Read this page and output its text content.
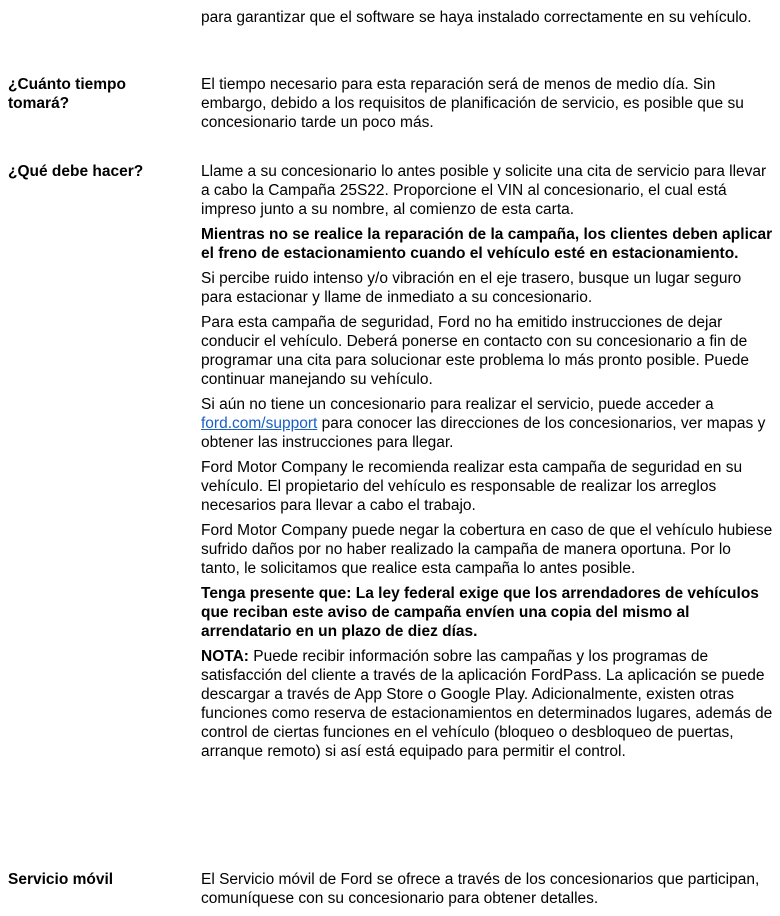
para garantizar que el software se haya instalado correctamente en su vehículo.

¿Cuánto tiempo tomará?

El tiempo necesario para esta reparación será de menos de medio día. Sin embargo, debido a los requisitos de planificación de servicio, es posible que su concesionario tarde un poco más.

¿Qué debe hacer?	Llame a su concesionario lo antes posible y solicite una cita de servicio para llevar a cabo la Campaña 25S22. Proporcione el VIN al concesionario, el cual está impreso junto a su nombre, al comienzo de esta carta.

Mientras no se realice la reparación de la campaña, los clientes deben aplicar el freno de estacionamiento cuando el vehículo esté en estacionamiento.

Si percibe ruido intenso y/o vibración en el eje trasero, busque un lugar seguro para estacionar y llame de inmediato a su concesionario.

Para esta campaña de seguridad, Ford no ha emitido instrucciones de dejar conducir el vehículo. Deberá ponerse en contacto con su concesionario a fin de programar una cita para solucionar este problema lo más pronto posible. Puede continuar manejando su vehículo.

Si aún no tiene un concesionario para realizar el servicio, puede acceder a ford.com/support para conocer las direcciones de los concesionarios, ver mapas y obtener las instrucciones para llegar.

Ford Motor Company le recomienda realizar esta campaña de seguridad en su vehículo. El propietario del vehículo es responsable de realizar los arreglos necesarios para llevar a cabo el trabajo.

Ford Motor Company puede negar la cobertura en caso de que el vehículo hubiese sufrido daños por no haber realizado la campaña de manera oportuna. Por lo tanto, le solicitamos que realice esta campaña lo antes posible.

Tenga presente que: La ley federal exige que los arrendadores de vehículos que reciban este aviso de campaña envíen una copia del mismo al arrendatario en un plazo de diez días.

NOTA: Puede recibir información sobre las campañas y los programas de satisfacción del cliente a través de la aplicación FordPass. La aplicación se puede descargar a través de App Store o Google Play. Adicionalmente, existen otras funciones como reserva de estacionamientos en determinados lugares, además de control de ciertas funciones en el vehículo (bloqueo o desbloqueo de puertas, arranque remoto) si así está equipado para permitir el control.

Servicio móvil	El Servicio móvil de Ford se ofrece a través de los concesionarios que participan, comuníquese con su concesionario para obtener detalles.
